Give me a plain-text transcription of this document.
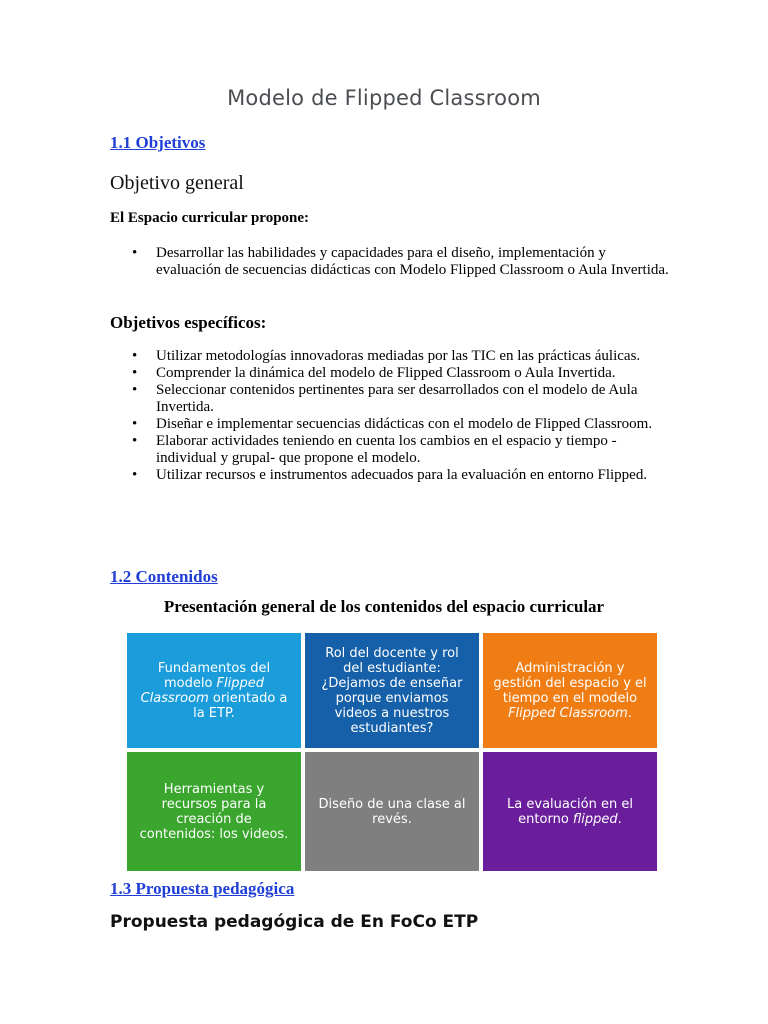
Modelo de Flipped Classroom
1.1 Objetivos
Objetivo general
El Espacio curricular propone:
• Desarrollar las habilidades y capacidades para el diseño, implementación y evaluación de secuencias didácticas con Modelo Flipped Classroom o Aula Invertida.
Objetivos específicos:
• Utilizar metodologías innovadoras mediadas por las TIC en las prácticas áulicas.
• Comprender la dinámica del modelo de Flipped Classroom o Aula Invertida.
• Seleccionar contenidos pertinentes para ser desarrollados con el modelo de Aula Invertida.
• Diseñar e implementar secuencias didácticas con el modelo de Flipped Classroom.
• Elaborar actividades teniendo en cuenta los cambios en el espacio y tiempo -individual y grupal- que propone el modelo.
• Utilizar recursos e instrumentos adecuados para la evaluación en entorno Flipped.
1.2 Contenidos
Presentación general de los contenidos del espacio curricular
Fundamentos del modelo Flipped Classroom orientado a la ETP.
Rol del docente y rol del estudiante: ¿Dejamos de enseñar porque enviamos videos a nuestros estudiantes?
Administración y gestión del espacio y el tiempo en el modelo Flipped Classroom.
Herramientas y recursos para la creación de contenidos: los videos.
Diseño de una clase al revés.
La evaluación en el entorno flipped.
1.3 Propuesta pedagógica
Propuesta pedagógica de En FoCo ETP
